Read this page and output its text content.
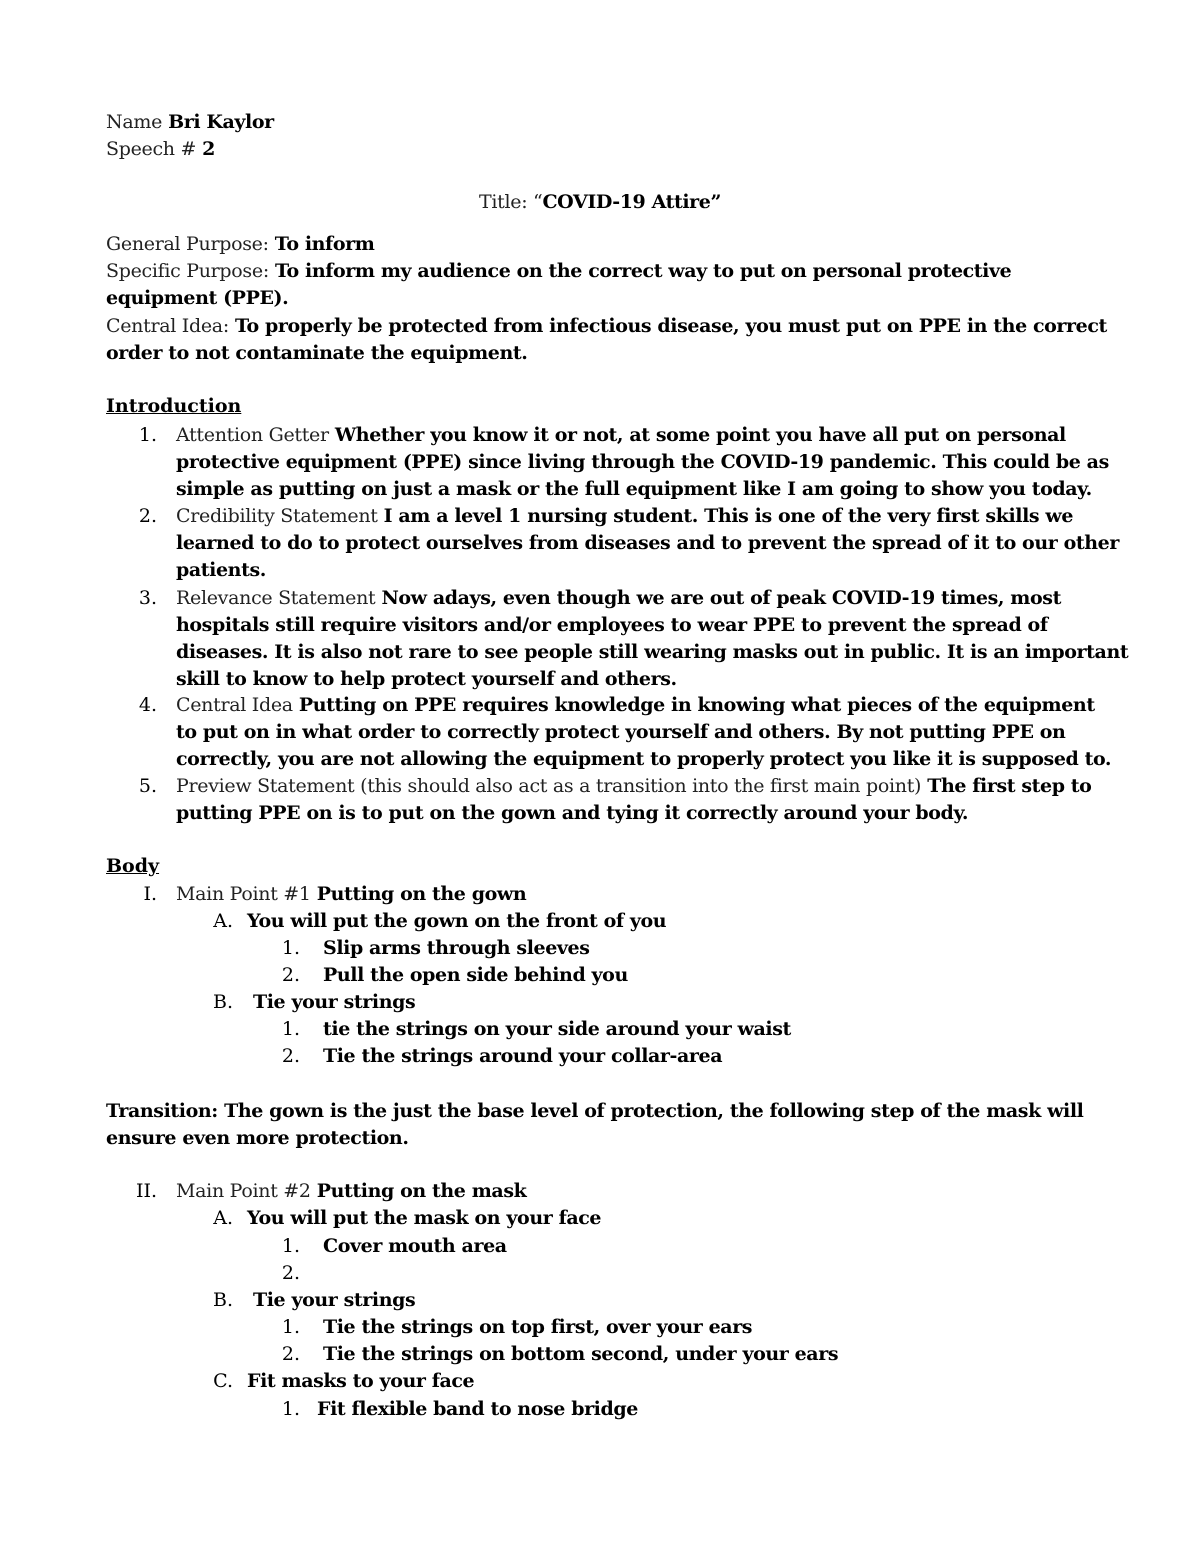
Name Bri Kaylor
Speech # 2
Title: “COVID-19 Attire”
General Purpose: To inform
Specific Purpose: To inform my audience on the correct way to put on personal protective
equipment (PPE).
Central Idea: To properly be protected from infectious disease, you must put on PPE in the correct
order to not contaminate the equipment.
Introduction
1. Attention Getter Whether you know it or not, at some point you have all put on personal
protective equipment (PPE) since living through the COVID-19 pandemic. This could be as
simple as putting on just a mask or the full equipment like I am going to show you today.
2. Credibility Statement I am a level 1 nursing student. This is one of the very first skills we
learned to do to protect ourselves from diseases and to prevent the spread of it to our other
patients.
3. Relevance Statement Now adays, even though we are out of peak COVID-19 times, most
hospitals still require visitors and/or employees to wear PPE to prevent the spread of
diseases. It is also not rare to see people still wearing masks out in public. It is an important
skill to know to help protect yourself and others.
4. Central Idea Putting on PPE requires knowledge in knowing what pieces of the equipment
to put on in what order to correctly protect yourself and others. By not putting PPE on
correctly, you are not allowing the equipment to properly protect you like it is supposed to.
5. Preview Statement (this should also act as a transition into the first main point) The first step to
putting PPE on is to put on the gown and tying it correctly around your body.
Body
I. Main Point #1 Putting on the gown
A. You will put the gown on the front of you
1. Slip arms through sleeves
2. Pull the open side behind you
B. Tie your strings
1. tie the strings on your side around your waist
2. Tie the strings around your collar-area
Transition: The gown is the just the base level of protection, the following step of the mask will
ensure even more protection.
II. Main Point #2 Putting on the mask
A. You will put the mask on your face
1. Cover mouth area
2.
B. Tie your strings
1. Tie the strings on top first, over your ears
2. Tie the strings on bottom second, under your ears
C. Fit masks to your face
1. Fit flexible band to nose bridge
